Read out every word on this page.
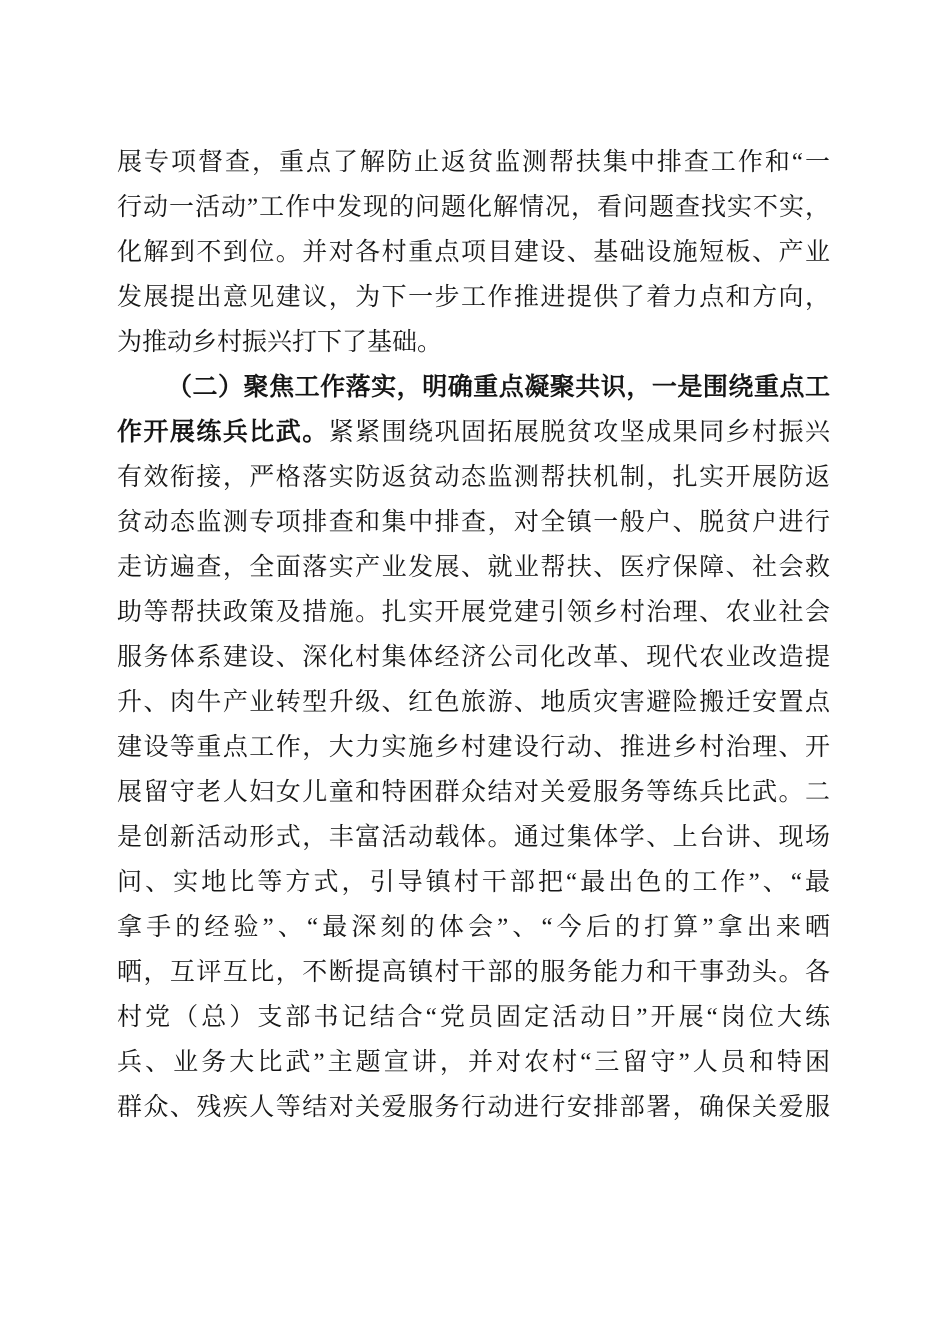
展专项督查，重点了解防止返贫监测帮扶集中排查工作和“一
行动一活动”工作中发现的问题化解情况，看问题查找实不实，
化解到不到位。并对各村重点项目建设、基础设施短板、产业
发展提出意见建议，为下一步工作推进提供了着力点和方向，
为推动乡村振兴打下了基础。
（二）聚焦工作落实，明确重点凝聚共识，一是围绕重点工
作开展练兵比武。紧紧围绕巩固拓展脱贫攻坚成果同乡村振兴
有效衔接，严格落实防返贫动态监测帮扶机制，扎实开展防返
贫动态监测专项排查和集中排查，对全镇一般户、脱贫户进行
走访遍查，全面落实产业发展、就业帮扶、医疗保障、社会救
助等帮扶政策及措施。扎实开展党建引领乡村治理、农业社会
服务体系建设、深化村集体经济公司化改革、现代农业改造提
升、肉牛产业转型升级、红色旅游、地质灾害避险搬迁安置点
建设等重点工作，大力实施乡村建设行动、推进乡村治理、开
展留守老人妇女儿童和特困群众结对关爱服务等练兵比武。二
是创新活动形式，丰富活动载体。通过集体学、上台讲、现场
问、实地比等方式，引导镇村干部把“最出色的工作”、“最
拿手的经验”、“最深刻的体会”、“今后的打算”拿出来晒
晒，互评互比，不断提高镇村干部的服务能力和干事劲头。各
村党（总）支部书记结合“党员固定活动日”开展“岗位大练
兵、业务大比武”主题宣讲，并对农村“三留守”人员和特困
群众、残疾人等结对关爱服务行动进行安排部署，确保关爱服
